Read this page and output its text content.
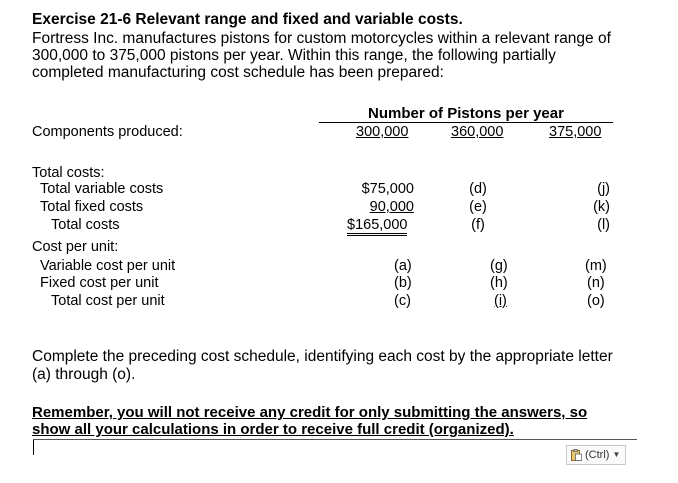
Exercise 21-6 Relevant range and fixed and variable costs.
Fortress Inc. manufactures pistons for custom motorcycles within a relevant range of
300,000 to 375,000 pistons per year. Within this range, the following partially
completed manufacturing cost schedule has been prepared:
Number of Pistons per year
Components produced:	300,000	360,000	375,000
Total costs:
Total variable costs	$75,000	(d)	(j)
Total fixed costs	90,000	(e)	(k)
Total costs	$165,000	(f)	(l)
Cost per unit:
Variable cost per unit	(a)	(g)	(m)
Fixed cost per unit	(b)	(h)	(n)
Total cost per unit	(c)	(i)	(o)
Complete the preceding cost schedule, identifying each cost by the appropriate letter
(a) through (o).
Remember, you will not receive any credit for only submitting the answers, so
show all your calculations in order to receive full credit (organized).
(Ctrl) ▼
